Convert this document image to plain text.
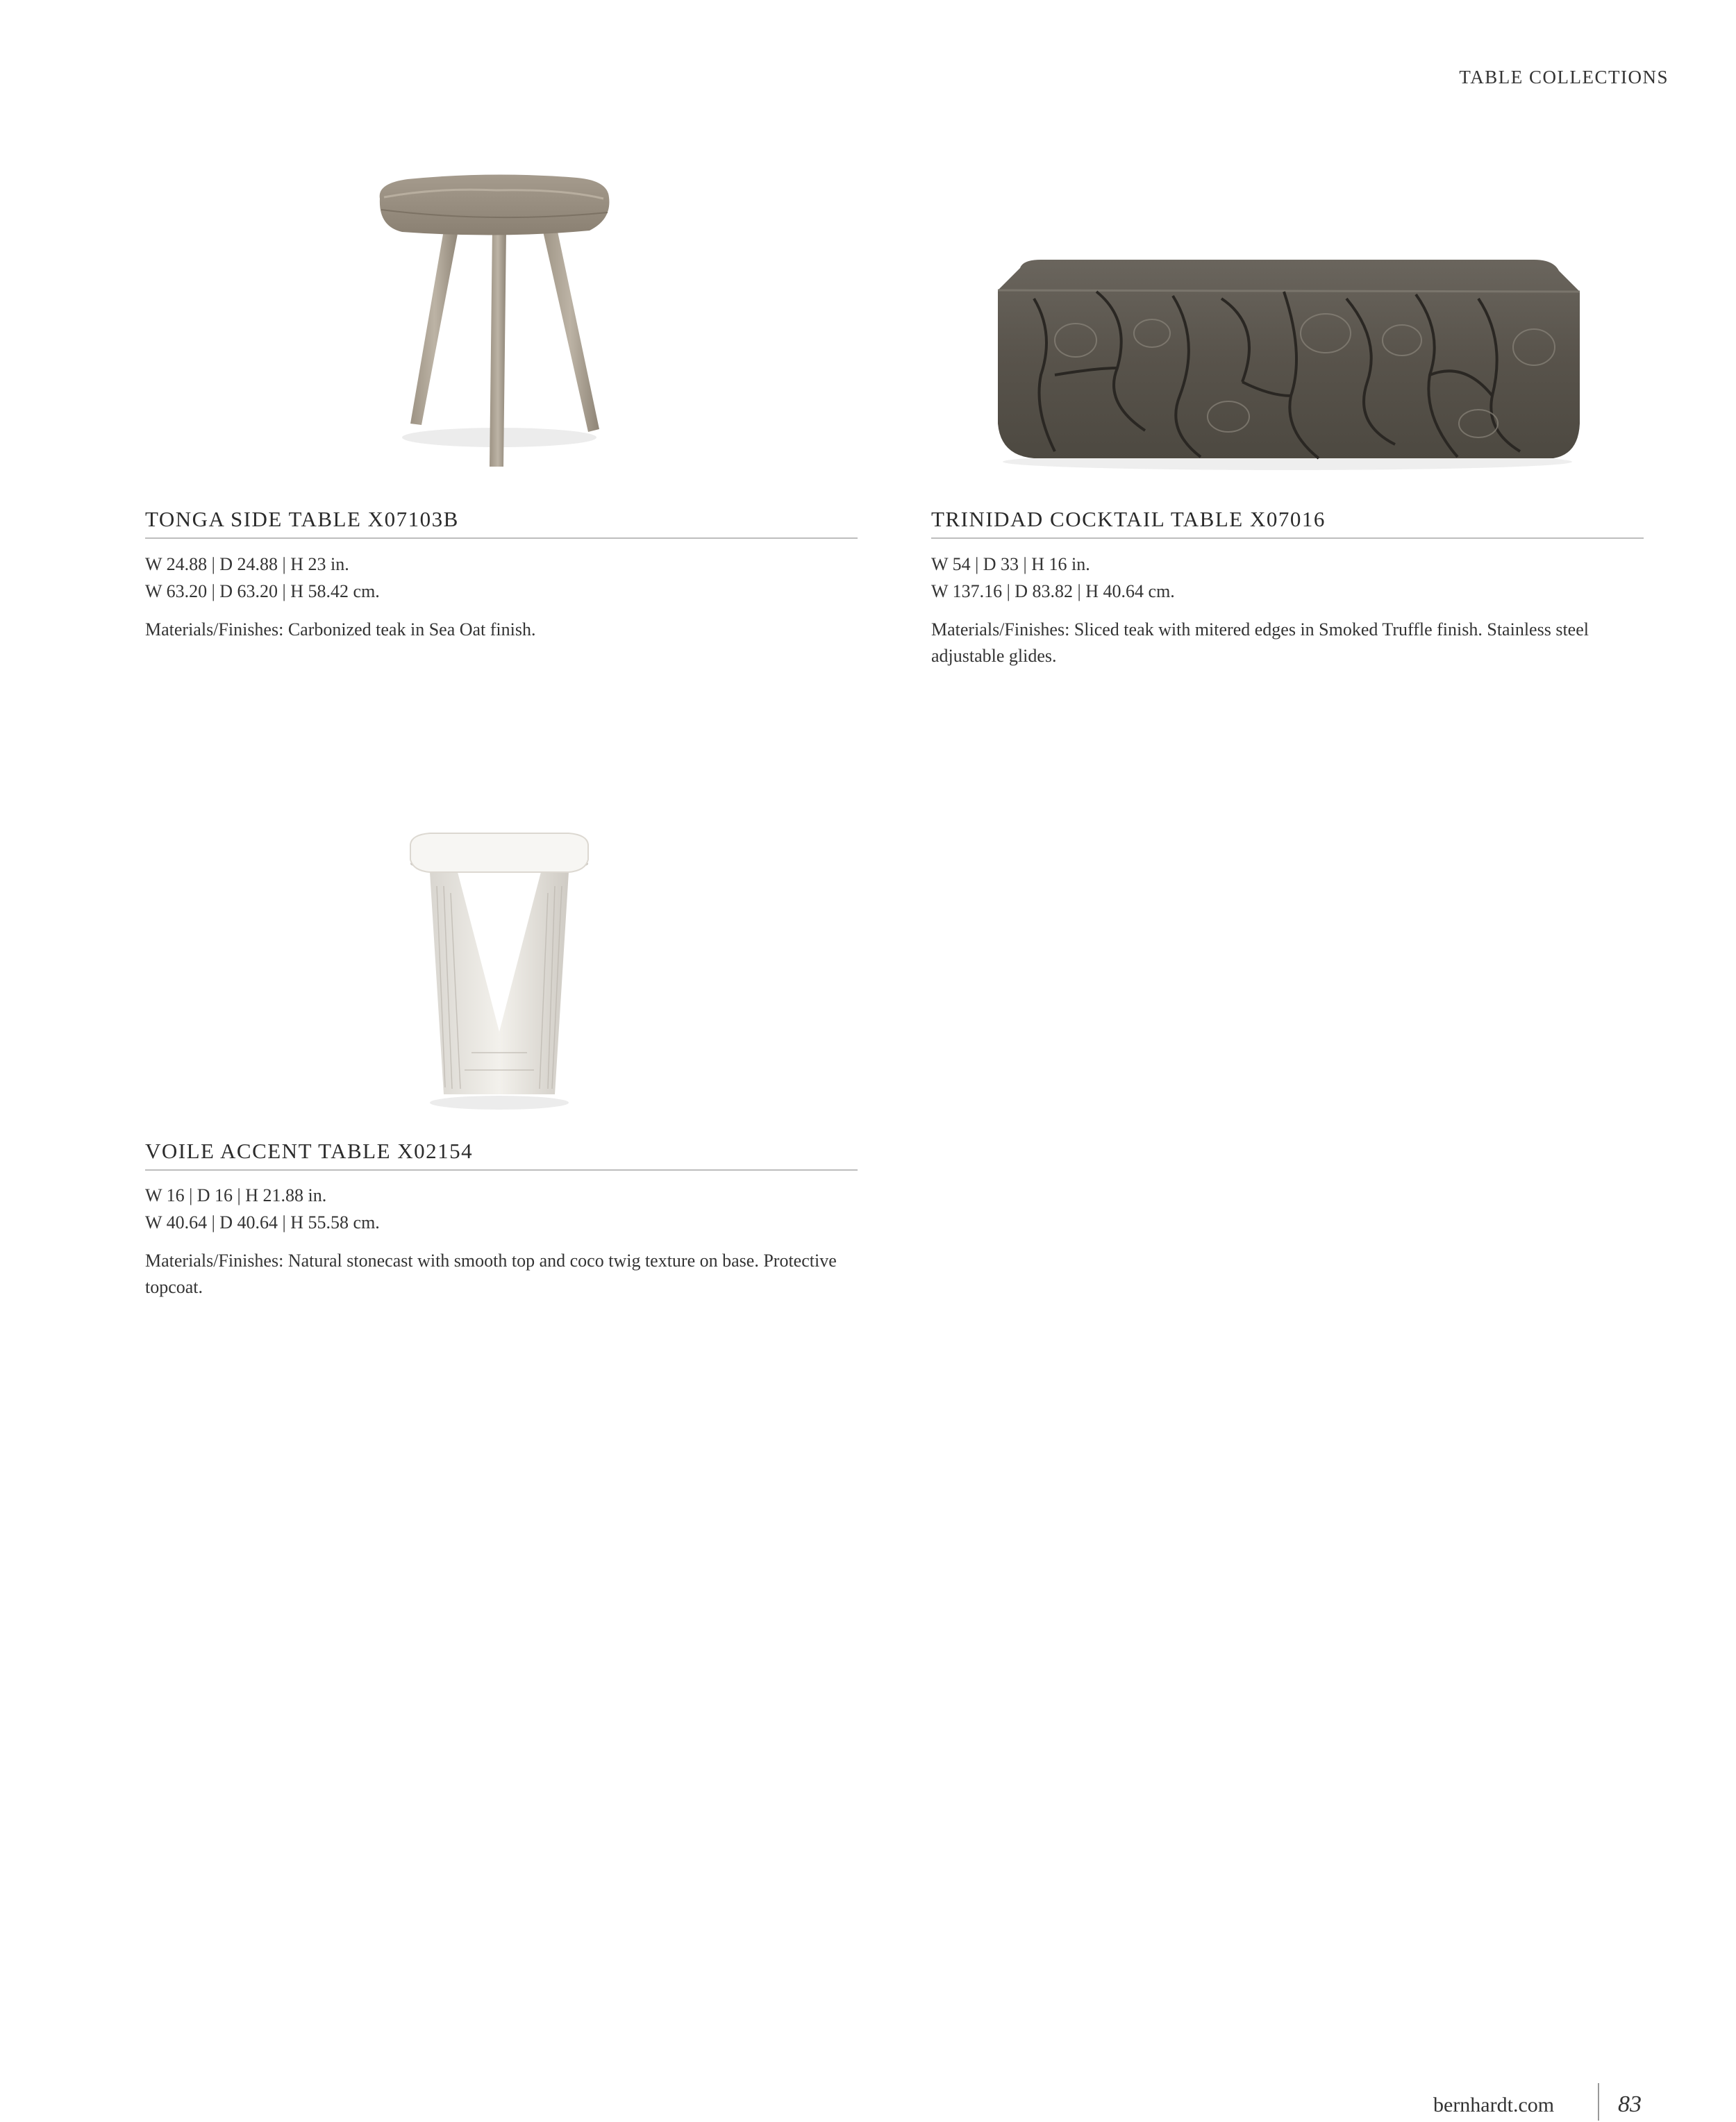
TABLE COLLECTIONS
TONGA SIDE TABLE X07103B
W 24.88 | D 24.88 | H 23 in.
W 63.20 | D 63.20 | H 58.42 cm.
Materials/Finishes: Carbonized teak in Sea Oat finish.
TRINIDAD COCKTAIL TABLE X07016
W 54 | D 33 | H 16 in.
W 137.16 | D 83.82 | H 40.64 cm.
Materials/Finishes: Sliced teak with mitered edges in Smoked Truffle finish. Stainless steel adjustable glides.
VOILE ACCENT TABLE X02154
W 16 | D 16 | H 21.88 in.
W 40.64 | D 40.64 | H 55.58 cm.
Materials/Finishes: Natural stonecast with smooth top and coco twig texture on base. Protective topcoat.
bernhardt.com	83
